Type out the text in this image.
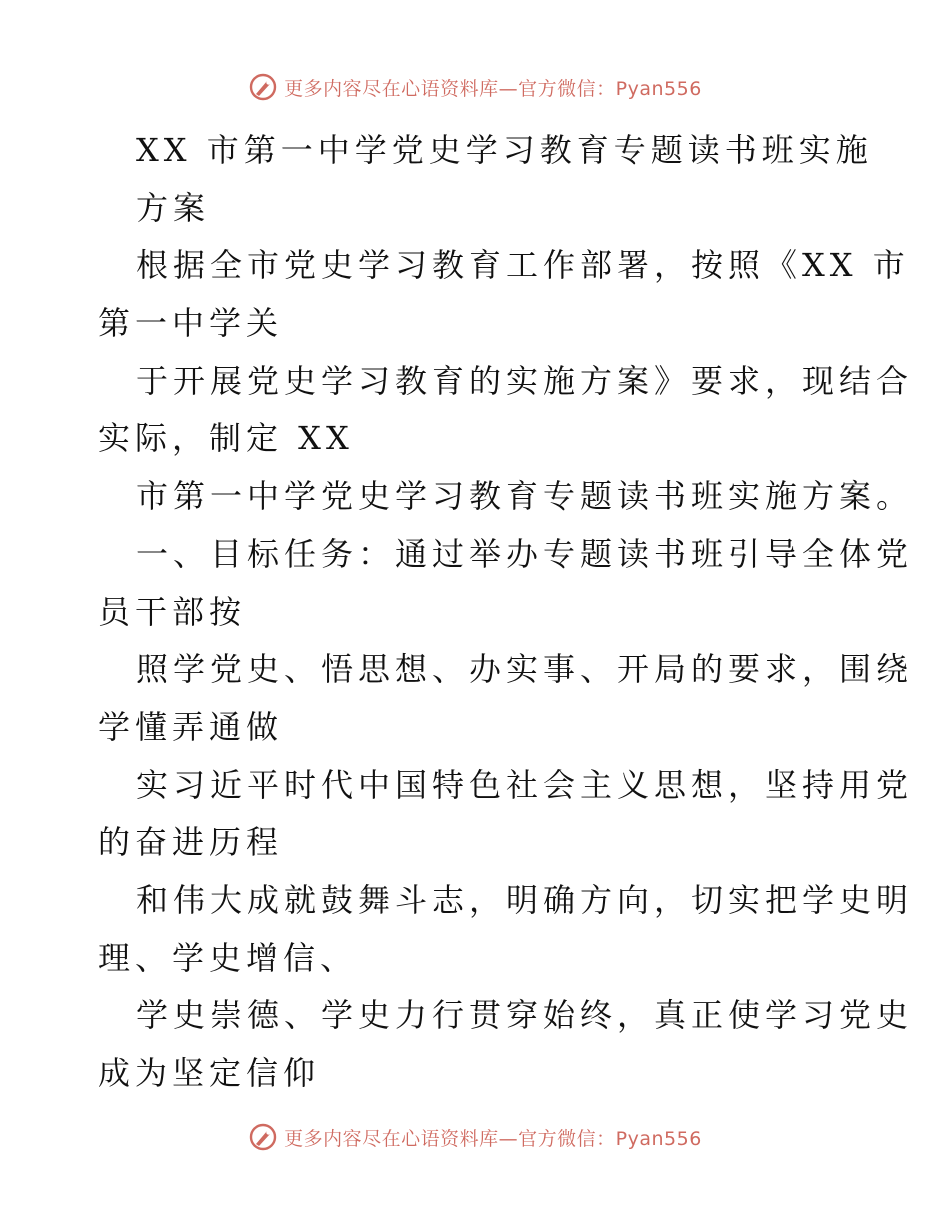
更多内容尽在心语资料库—官方微信：Pyan556
XX 市第一中学党史学习教育专题读书班实施
方案
根据全市党史学习教育工作部署，按照《XX 市
第一中学关
于开展党史学习教育的实施方案》要求，现结合
实际，制定 XX
市第一中学党史学习教育专题读书班实施方案。
一、目标任务：通过举办专题读书班引导全体党
员干部按
照学党史、悟思想、办实事、开局的要求，围绕
学懂弄通做
实习近平时代中国特色社会主义思想，坚持用党
的奋进历程
和伟大成就鼓舞斗志，明确方向，切实把学史明
理、学史增信、
学史崇德、学史力行贯穿始终，真正使学习党史
成为坚定信仰
更多内容尽在心语资料库—官方微信：Pyan556
